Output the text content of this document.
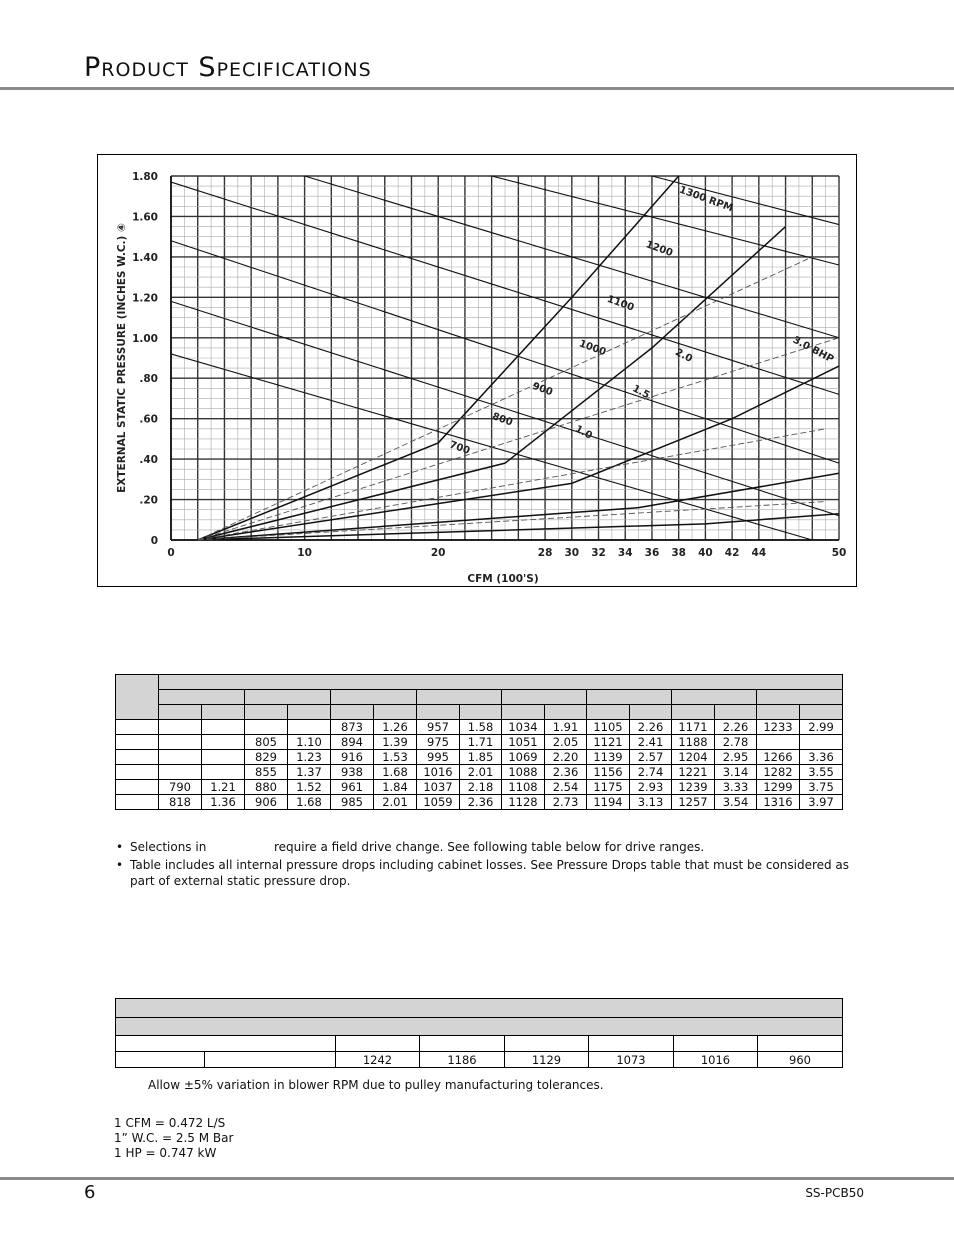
Product Specifications
0	10	20	28 30 32 34 36 38 40 42 44	50
0
.20
.40
.60
.80
1.00
1.20
1.40
1.60
1.80
CFM (100'S)
EXTERNAL STATIC PRESSURE (INCHES W.C.) ④	700
800
900
1000
1100
1200
1300 RPM
1.0
1.5
2.0	3.0 BHP

					873	1.26	957	1.58	1034	1.91	1105	2.26	1171	2.26	1233	2.99
			805	1.10	894	1.39	975	1.71	1051	2.05	1121	2.41	1188	2.78		
			829	1.23	916	1.53	995	1.85	1069	2.20	1139	2.57	1204	2.95	1266	3.36
			855	1.37	938	1.68	1016	2.01	1088	2.36	1156	2.74	1221	3.14	1282	3.55
	790	1.21	880	1.52	961	1.84	1037	2.18	1108	2.54	1175	2.93	1239	3.33	1299	3.75
	818	1.36	906	1.68	985	2.01	1059	2.36	1128	2.73	1194	3.13	1257	3.54	1316	3.97
• Selections in	require a field drive change. See following table below for drive ranges.
• Table includes all internal pressure drops including cabinet losses. See Pressure Drops table that must be considered as part of external static pressure drop.

		1242	1186	1129	1073	1016	960
Allow ±5% variation in blower RPM due to pulley manufacturing tolerances.
1 CFM = 0.472 L/S
1” W.C. = 2.5 M Bar
1 HP = 0.747 kW
6	SS-PCB50
